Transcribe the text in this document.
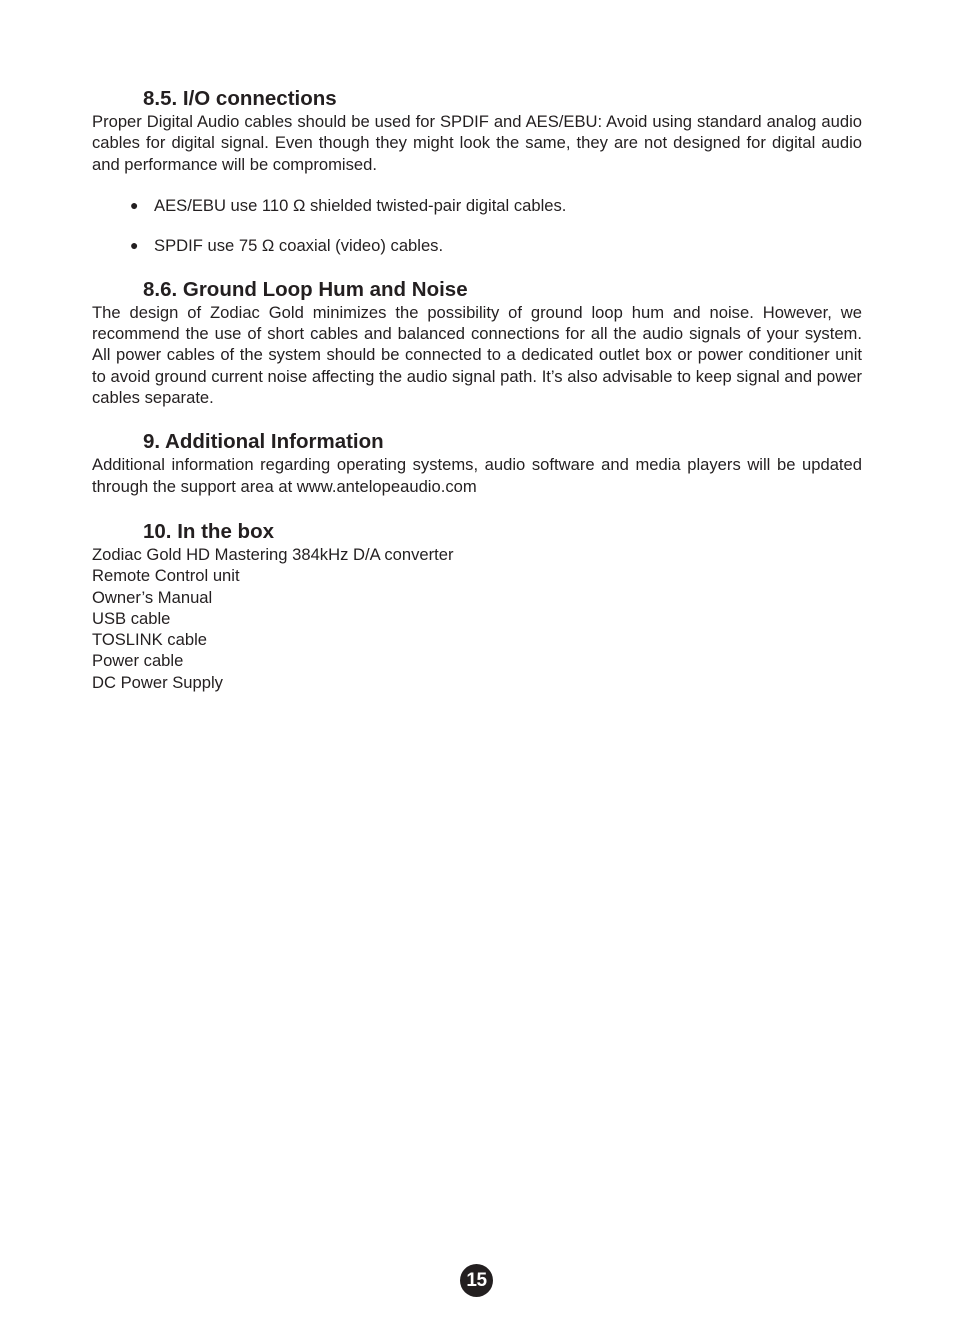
8.5. I/O connections

Proper Digital Audio cables should be used for SPDIF and AES/EBU: Avoid using standard analog audio cables for digital signal. Even though they might look the same, they are not designed for digital audio and performance will be compromised.

● AES/EBU use 110 Ω shielded twisted-pair digital cables.
● SPDIF use 75 Ω coaxial (video) cables.
8.6. Ground Loop Hum and Noise

The design of Zodiac Gold minimizes the possibility of ground loop hum and noise. However, we recommend the use of short cables and balanced connections for all the audio signals of your system. All power cables of the system should be connected to a dedicated outlet box or power conditioner unit to avoid ground current noise affecting the audio signal path. It’s also advisable to keep signal and power cables separate.

9. Additional Information

Additional information regarding operating systems, audio software and media players will be updated through the support area at www.antelopeaudio.com

10. In the box
Zodiac Gold HD Mastering 384kHz D/A converter
Remote Control unit
Owner’s Manual
USB cable
TOSLINK cable
Power cable
DC Power Supply
15
